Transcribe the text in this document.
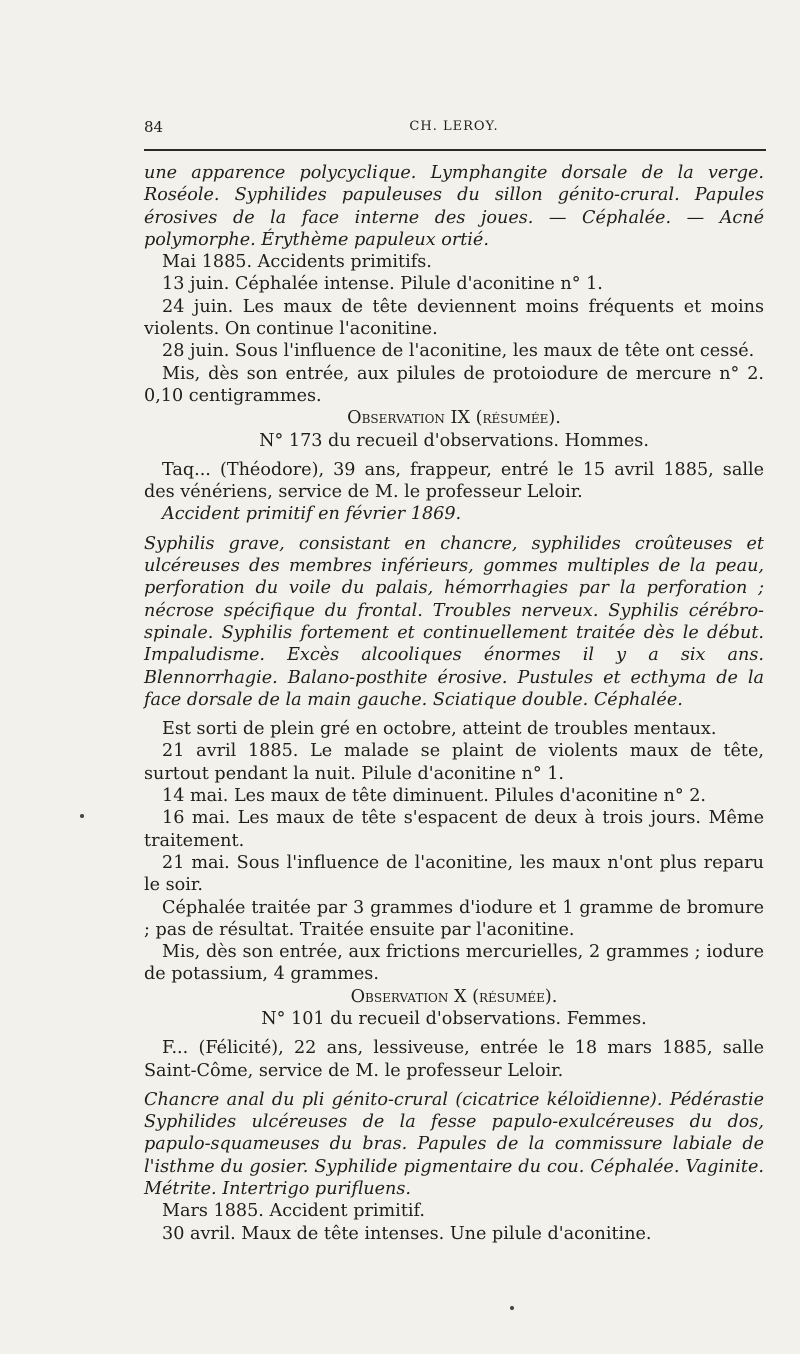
84	CH. LEROY.

une apparence polycyclique. Lymphangite dorsale de la verge. Roséole. Syphilides papuleuses du sillon génito-crural. Papules érosives de la face interne des joues. — Céphalée. — Acné polymorphe. Érythème papuleux ortié.

Mai 1885. Accidents primitifs.

13 juin. Céphalée intense. Pilule d'aconitine n° 1.

24 juin. Les maux de tête deviennent moins fréquents et moins violents. On continue l'aconitine.

28 juin. Sous l'influence de l'aconitine, les maux de tête ont cessé.

Mis, dès son entrée, aux pilules de protoiodure de mercure n° 2. 0,10 centigrammes.

Observation IX (résumée).

N° 173 du recueil d'observations. Hommes.

Taq... (Théodore), 39 ans, frappeur, entré le 15 avril 1885, salle des vénériens, service de M. le professeur Leloir.

Accident primitif en février 1869.

Syphilis grave, consistant en chancre, syphilides croûteuses et ulcéreuses des membres inférieurs, gommes multiples de la peau, perforation du voile du palais, hémorrhagies par la perforation ; nécrose spécifique du frontal. Troubles nerveux. Syphilis cérébro-spinale. Syphilis fortement et continuellement traitée dès le début. Impaludisme. Excès alcooliques énormes il y a six ans. Blennorrhagie. Balano-posthite érosive. Pustules et ecthyma de la face dorsale de la main gauche. Sciatique double. Céphalée.

Est sorti de plein gré en octobre, atteint de troubles mentaux.

21 avril 1885. Le malade se plaint de violents maux de tête, surtout pendant la nuit. Pilule d'aconitine n° 1.

14 mai. Les maux de tête diminuent. Pilules d'aconitine n° 2.

16 mai. Les maux de tête s'espacent de deux à trois jours. Même traitement.

21 mai. Sous l'influence de l'aconitine, les maux n'ont plus reparu le soir.

Céphalée traitée par 3 grammes d'iodure et 1 gramme de bromure ; pas de résultat. Traitée ensuite par l'aconitine.

Mis, dès son entrée, aux frictions mercurielles, 2 grammes ; iodure de potassium, 4 grammes.

Observation X (résumée).

N° 101 du recueil d'observations. Femmes.

F... (Félicité), 22 ans, lessiveuse, entrée le 18 mars 1885, salle Saint-Côme, service de M. le professeur Leloir.

Chancre anal du pli génito-crural (cicatrice kéloïdienne). Pédérastie Syphilides ulcéreuses de la fesse papulo-exulcéreuses du dos, papulo-squameuses du bras. Papules de la commissure labiale de l'isthme du gosier. Syphilide pigmentaire du cou. Céphalée. Vaginite. Métrite. Intertrigo purifluens.

Mars 1885. Accident primitif.

30 avril. Maux de tête intenses. Une pilule d'aconitine.
